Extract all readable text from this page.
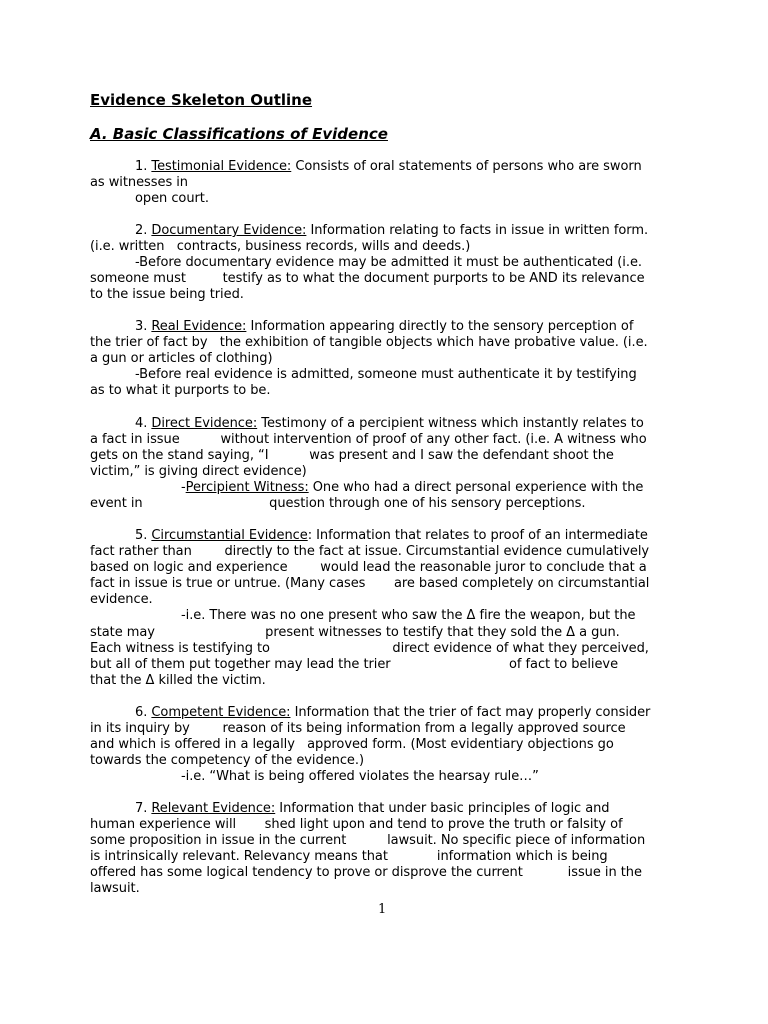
Evidence Skeleton Outline
A. Basic Classifications of Evidence

1. Testimonial Evidence: Consists of oral statements of persons who are sworn

as witnesses in

open court.

2. Documentary Evidence: Information relating to facts in issue in written form.

(i.e. written   contracts, business records, wills and deeds.)

-Before documentary evidence may be admitted it must be authenticated (i.e.

someone must         testify as to what the document purports to be AND its relevance

to the issue being tried.

3. Real Evidence: Information appearing directly to the sensory perception of

the trier of fact by   the exhibition of tangible objects which have probative value. (i.e.

a gun or articles of clothing)

-Before real evidence is admitted, someone must authenticate it by testifying

as to what it purports to be.

4. Direct Evidence: Testimony of a percipient witness which instantly relates to

a fact in issue          without intervention of proof of any other fact. (i.e. A witness who

gets on the stand saying, “I          was present and I saw the defendant shoot the

victim,” is giving direct evidence)

-Percipient Witness: One who had a direct personal experience with the

event in                               question through one of his sensory perceptions.

5. Circumstantial Evidence: Information that relates to proof of an intermediate

fact rather than        directly to the fact at issue. Circumstantial evidence cumulatively

based on logic and experience        would lead the reasonable juror to conclude that a

fact in issue is true or untrue. (Many cases       are based completely on circumstantial

evidence.

-i.e. There was no one present who saw the Δ fire the weapon, but the

state may                           present witnesses to testify that they sold the Δ a gun.

Each witness is testifying to                              direct evidence of what they perceived,

but all of them put together may lead the trier                             of fact to believe

that the Δ killed the victim.

6. Competent Evidence: Information that the trier of fact may properly consider

in its inquiry by        reason of its being information from a legally approved source

and which is offered in a legally   approved form. (Most evidentiary objections go

towards the competency of the evidence.)

-i.e. “What is being offered violates the hearsay rule…”

7. Relevant Evidence: Information that under basic principles of logic and

human experience will       shed light upon and tend to prove the truth or falsity of

some proposition in issue in the current          lawsuit. No specific piece of information

is intrinsically relevant. Relevancy means that            information which is being

offered has some logical tendency to prove or disprove the current           issue in the

lawsuit.

1
